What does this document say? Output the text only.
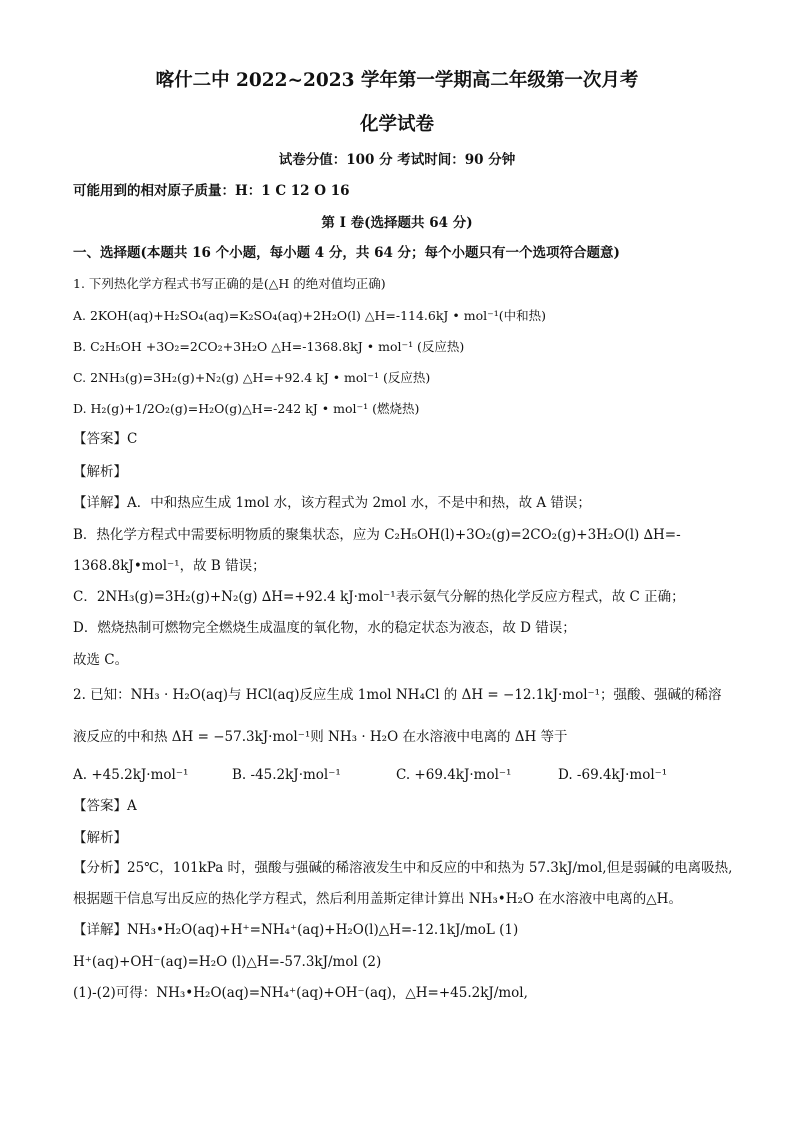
喀什二中 2022~2023 学年第一学期高二年级第一次月考
化学试卷
试卷分值：100 分 考试时间：90 分钟
可能用到的相对原子质量：H：1 C 12 O 16
第 I 卷(选择题共 64 分)
一、选择题(本题共 16 个小题，每小题 4 分，共 64 分；每个小题只有一个选项符合题意)
1. 下列热化学方程式书写正确的是(△H 的绝对值均正确)
A. 2KOH(aq)+H₂SO₄(aq)=K₂SO₄(aq)+2H₂O(l) △H=-114.6kJ • mol⁻¹(中和热)
B. C₂H₅OH +3O₂=2CO₂+3H₂O △H=-1368.8kJ • mol⁻¹ (反应热)
C. 2NH₃(g)=3H₂(g)+N₂(g) △H=+92.4 kJ • mol⁻¹ (反应热)
D. H₂(g)+1/2O₂(g)=H₂O(g)△H=-242 kJ • mol⁻¹ (燃烧热)
【答案】C
【解析】
【详解】A．中和热应生成 1mol 水，该方程式为 2mol 水，不是中和热，故 A 错误；
B．热化学方程式中需要标明物质的聚集状态，应为 C₂H₅OH(l)+3O₂(g)=2CO₂(g)+3H₂O(l) ∆H=-
1368.8kJ•mol⁻¹，故 B 错误；
C．2NH₃(g)=3H₂(g)+N₂(g) ∆H=+92.4 kJ·mol⁻¹表示氨气分解的热化学反应方程式，故 C 正确；
D．燃烧热制可燃物完全燃烧生成温度的氧化物，水的稳定状态为液态，故 D 错误；
故选 C。
2. 已知：NH₃ · H₂O(aq)与 HCl(aq)反应生成 1mol NH₄Cl 的 ΔH = −12.1kJ·mol⁻¹；强酸、强碱的稀溶
液反应的中和热 ΔH = −57.3kJ·mol⁻¹则 NH₃ · H₂O 在水溶液中电离的 ΔH 等于
A. +45.2kJ·mol⁻¹	B. -45.2kJ·mol⁻¹	C. +69.4kJ·mol⁻¹	D. -69.4kJ·mol⁻¹
【答案】A
【解析】
【分析】25℃，101kPa 时，强酸与强碱的稀溶液发生中和反应的中和热为 57.3kJ/mol,但是弱碱的电离吸热,
根据题干信息写出反应的热化学方程式，然后利用盖斯定律计算出 NH₃•H₂O 在水溶液中电离的△H。
【详解】NH₃•H₂O(aq)+H⁺=NH₄⁺(aq)+H₂O(l)△H=-12.1kJ/moL (1)
H⁺(aq)+OH⁻(aq)=H₂O (l)△H=-57.3kJ/mol (2)
(1)-(2)可得：NH₃•H₂O(aq)=NH₄⁺(aq)+OH⁻(aq)，△H=+45.2kJ/mol,
